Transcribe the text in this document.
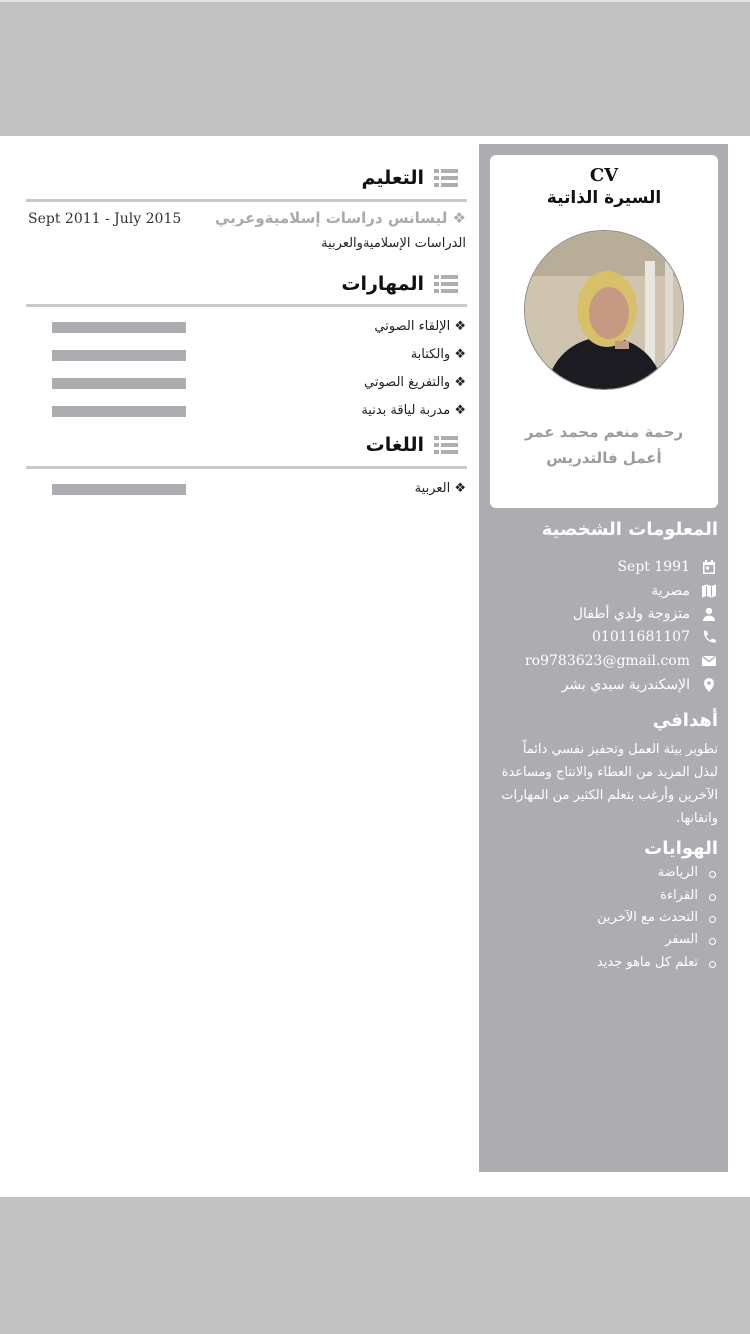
CV
السيرة الذاتية
رحمة منعم محمد عمر
أعمل فالتدريس
المعلومات الشخصية
Sept 1991
مصرية
متزوجة ولدي أطفال
01011681107
ro9783623@gmail.com
الإسكندرية سيدي بشر
أهدافي
تطوير بيئة العمل وتحفيز نفسي دائماً لبذل المزيد من العطاء والانتاج ومساعدة الآخرين وأرغب بتعلم الكثير من المهارات واتقانها.
الهوايات
الرياضة
القراءة
التحدث مع الآخرين
السفر
تعلم كل ماهو جديد
التعليم
❖ ليسانس دراسات إسلاميةوعربي
Sept 2011 - July 2015
الدراسات الإسلاميةوالعربية
المهارات
❖ الإلقاء الصوتي
❖ والكتابة
❖ والتفريغ الصوتي
❖ مدربة لياقة بدنية
اللغات
❖ العربية
